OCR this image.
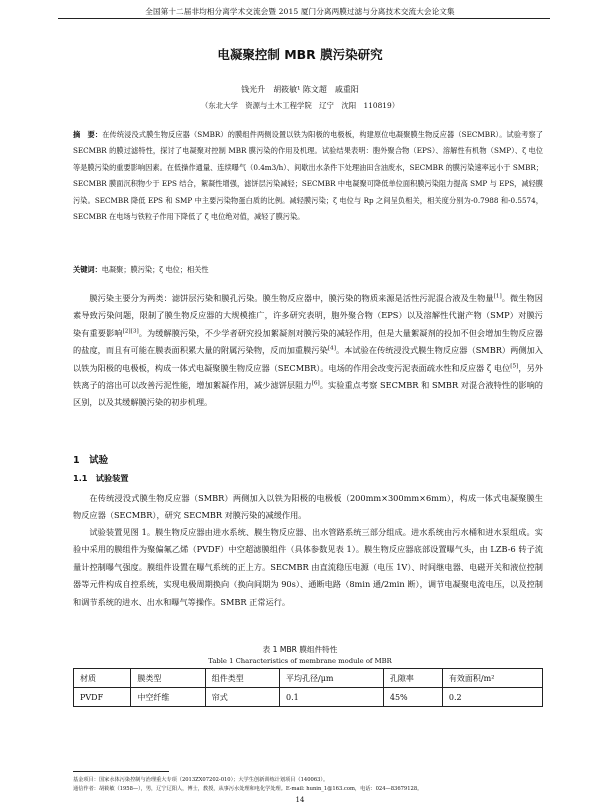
全国第十二届非均相分离学术交流会暨 2015 厦门分离两膜过滤与分离技术交流大会论文集
电凝聚控制 MBR 膜污染研究
钱光升　胡筱敏¹ 陈文超　戚重阳
（东北大学　资源与土木工程学院　辽宁　沈阳　110819）
摘　要：在传统浸没式膜生物反应器（SMBR）的膜组件两侧设置以铁为阳极的电极板，构建原位电凝聚膜生物反应器（SECMBR）。试验考察了 SECMBR 的膜过滤特性，探讨了电凝聚对控制 MBR 膜污染的作用及机理。试验结果表明：胞外聚合物（EPS）、溶解性有机物（SMP）、ζ 电位等是膜污染的重要影响因素。在低操作通量、连续曝气（0.4m3/h）、间歇出水条件下处理油田含油废水，SECMBR 的膜污染速率远小于 SMBR；SECMBR 膜面沉积物少于 EPS 结合，絮凝性增强，滤饼层污染减轻；SECMBR 中电凝聚可降低单位面积膜污染阻力提高 SMP 与 EPS，减轻膜污染。SECMBR 降低 EPS 和 SMP 中主要污染物蛋白质的比例。减轻膜污染；ζ 电位与 Rp 之间呈负相关，相关度分别为-0.7988 和-0.5574，SECMBR 在电场与铁粒子作用下降低了 ζ 电位绝对值，减轻了膜污染。
关键词：电凝聚；膜污染；ζ 电位；相关性

膜污染主要分为两类：滤饼层污染和膜孔污染。膜生物反应器中，膜污染的物质来源是活性污泥混合液及生物量[1]。微生物因素导致污染问题，限制了膜生物反应器的大规模推广，许多研究表明，胞外聚合物（EPS）以及溶解性代谢产物（SMP）对膜污染有重要影响[2][3]。为缓解膜污染，不少学者研究投加絮凝剂对膜污染的减轻作用，但是大量絮凝剂的投加不但会增加生物反应器的盐度，而且有可能在膜表面积累大量的附属污染物，反而加重膜污染[4]。本试验在传统浸没式膜生物反应器（SMBR）两侧加入以铁为阳极的电极板，构成一体式电凝聚膜生物反应器（SECMBR）。电场的作用会改变污泥表面疏水性和反应器 ζ 电位[5]，另外铁离子的溶出可以改善污泥性能，增加絮凝作用，减少滤饼层阻力[6]。实验重点考察 SECMBR 和 SMBR 对混合液特性的影响的区别，以及其缓解膜污染的初步机理。

1　试验
1.1　试验装置

在传统浸没式膜生物反应器（SMBR）两侧加入以铁为阳极的电极板（200mm×300mm×6mm），构成一体式电凝聚膜生物反应器（SECMBR），研究 SECMBR 对膜污染的减缓作用。

试验装置见图 1。膜生物反应器由进水系统、膜生物反应器、出水管路系统三部分组成。进水系统由污水桶和进水泵组成。实验中采用的膜组件为聚偏氟乙烯（PVDF）中空超滤膜组件（具体参数见表 1）。膜生物反应器底部设置曝气头，由 LZB-6 转子流量计控制曝气强度。膜组件设置在曝气系统的正上方。SECMBR 由直流稳压电源（电压 1V）、时间继电器、电磁开关和液位控制器等元件构成自控系统，实现电极周期换向（换向间期为 90s）、通断电路（8min 通/2min 断），调节电凝聚电流电压，以及控制和调节系统的进水、出水和曝气等操作。SMBR 正常运行。

表 1 MBR 膜组件特性
Table 1 Characteristics of membrane module of MBR
材质	膜类型	组件类型	平均孔径/μm	孔隙率	有效面积/m²
PVDF	中空纤维	帘式	0.1	45%	0.2
基金项目：国家水体污染控制与治理重大专项（2013ZX07202-010）；大学生创新训练计划项目（140063）。
通信作者：胡筱敏（1958—），男，辽宁辽阳人，博士，教授，从事污水处理和电化学处理。E-mail: hunin_1@163.com，电话：024—83679128。
14
